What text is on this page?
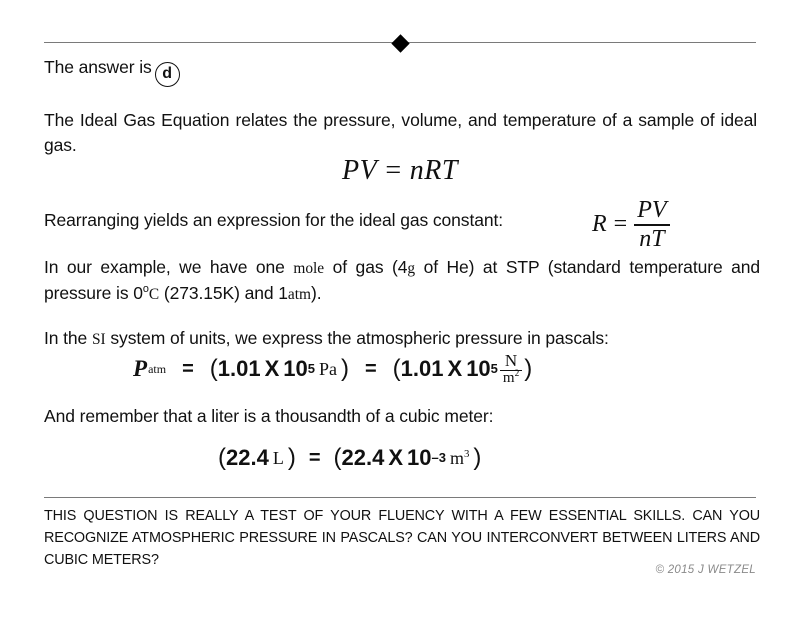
The answer is d
The Ideal Gas Equation relates the pressure, volume, and temperature of a sample of ideal gas.
PV  =  nRT
Rearranging yields an expression for the ideal gas constant:	$R = \frac{PV}{nT}$
In our example, we have one mole of gas (4g of He) at STP (standard temperature and pressure is 0$^o$C (273.15K) and 1atm).
In the SI system of units, we express the atmospheric pressure in pascals:
P atm = ( 1.01 X 10 5 Pa ) = ( 1.01 X 10 $5 \frac{N}{m^2}$ )
And remember that a liter is a thousandth of a cubic meter:
( 22.4 L ) = ( 22.4 X 10 –3 $m^3$ )
THIS QUESTION IS REALLY A TEST OF YOUR FLUENCY WITH A FEW ESSENTIAL SKILLS. CAN YOU RECOGNIZE ATMOSPHERIC PRESSURE IN PASCALS? CAN YOU INTERCONVERT BETWEEN LITERS AND CUBIC METERS?
© 2015 J WETZEL
